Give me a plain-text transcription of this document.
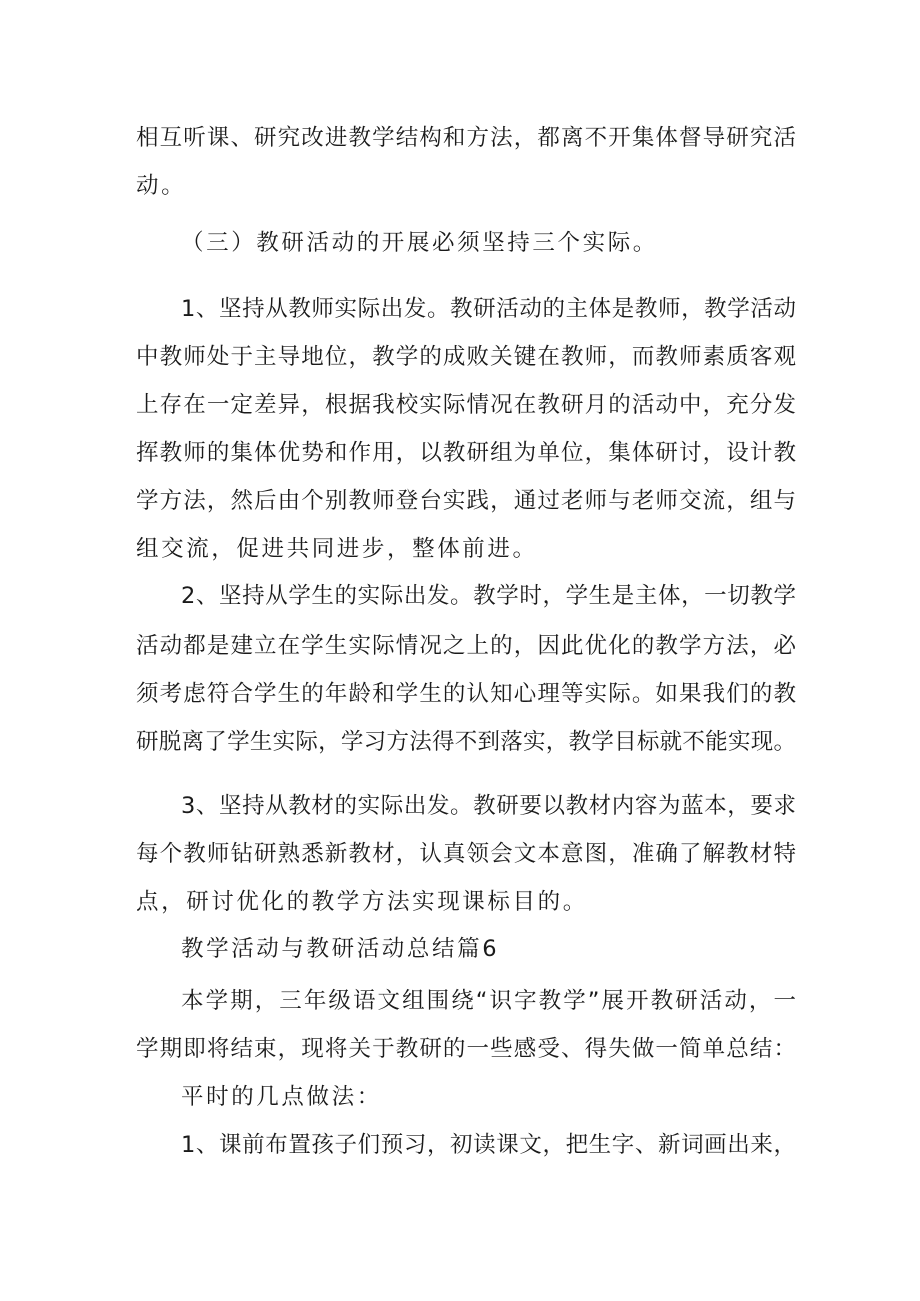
相互听课、研究改进教学结构和方法，都离不开集体督导研究活
动。
（三）教研活动的开展必须坚持三个实际。
1、坚持从教师实际出发。教研活动的主体是教师，教学活动
中教师处于主导地位，教学的成败关键在教师，而教师素质客观
上存在一定差异，根据我校实际情况在教研月的活动中，充分发
挥教师的集体优势和作用，以教研组为单位，集体研讨，设计教
学方法，然后由个别教师登台实践，通过老师与老师交流，组与
组交流，促进共同进步，整体前进。
2、坚持从学生的实际出发。教学时，学生是主体，一切教学
活动都是建立在学生实际情况之上的，因此优化的教学方法，必
须考虑符合学生的年龄和学生的认知心理等实际。如果我们的教
研脱离了学生实际，学习方法得不到落实，教学目标就不能实现。
3、坚持从教材的实际出发。教研要以教材内容为蓝本，要求
每个教师钻研熟悉新教材，认真领会文本意图，准确了解教材特
点，研讨优化的教学方法实现课标目的。
教学活动与教研活动总结篇6
本学期，三年级语文组围绕“识字教学”展开教研活动，一
学期即将结束，现将关于教研的一些感受、得失做一简单总结：
平时的几点做法：
1、课前布置孩子们预习，初读课文，把生字、新词画出来，
